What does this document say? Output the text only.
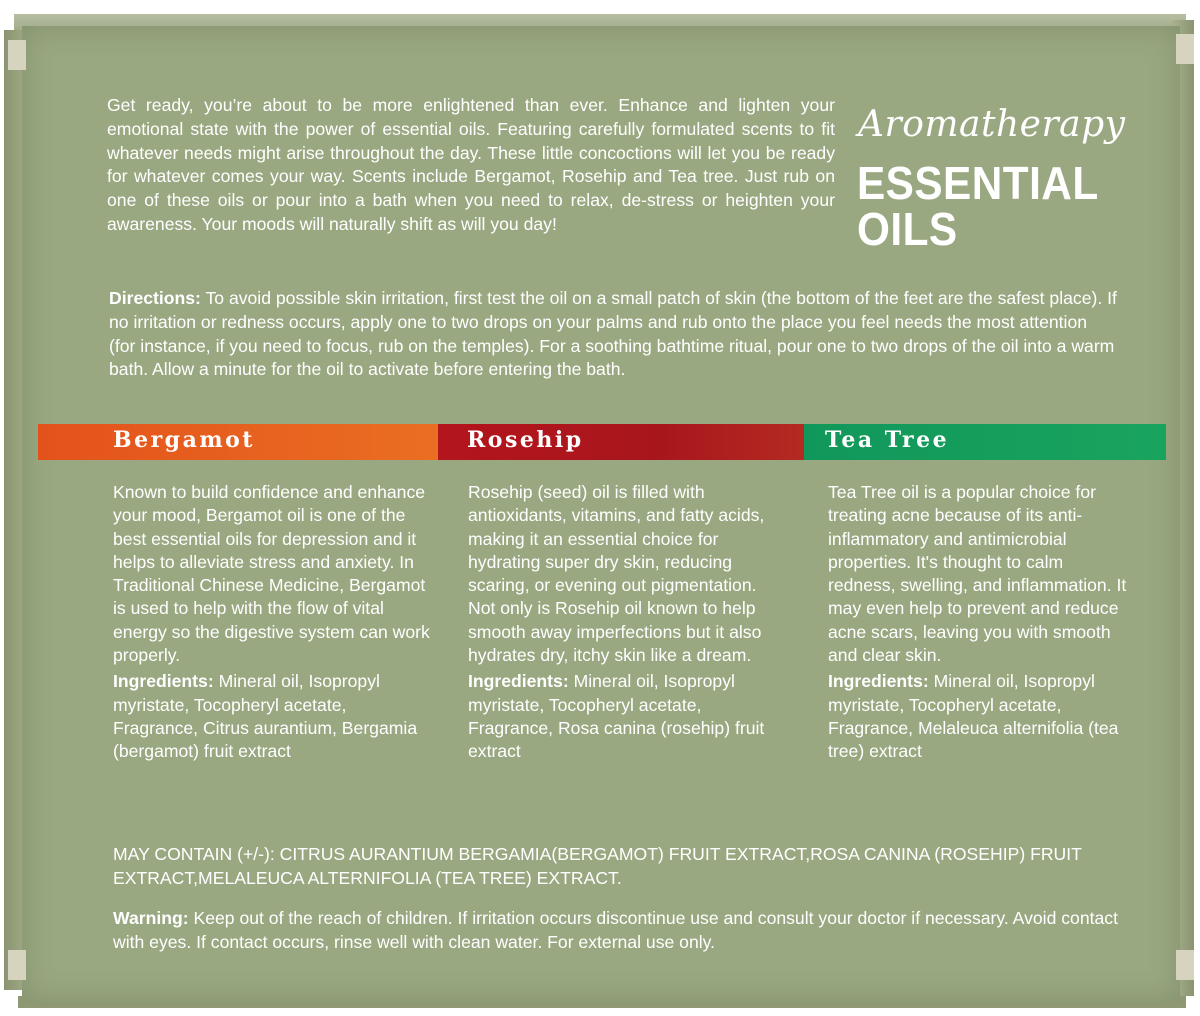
Get ready, you’re about to be more enlightened than ever. Enhance and lighten your emotional state with the power of essential oils. Featuring carefully formulated scents to fit whatever needs might arise throughout the day. These little concoctions will let you be ready for whatever comes your way. Scents include Bergamot, Rosehip and Tea tree. Just rub on one of these oils or pour into a bath when you need to relax, de-stress or heighten your awareness. Your moods will naturally shift as will you day!
Aromatherapy
ESSENTIAL
OILS
Directions: To avoid possible skin irritation, first test the oil on a small patch of skin (the bottom of the feet are the safest place). If no irritation or redness occurs, apply one to two drops on your palms and rub onto the place you feel needs the most attention (for instance, if you need to focus, rub on the temples). For a soothing bathtime ritual, pour one to two drops of the oil into a warm bath. Allow a minute for the oil to activate before entering the bath.
Bergamot	Rosehip	Tea Tree
Known to build confidence and enhance your mood, Bergamot oil is one of the best essential oils for depression and it helps to alleviate stress and anxiety. In Traditional Chinese Medicine, Bergamot is used to help with the flow of vital energy so the digestive system can work properly.
Ingredients: Mineral oil, Isopropyl myristate, Tocopheryl acetate, Fragrance, Citrus aurantium, Bergamia (bergamot) fruit extract
Rosehip (seed) oil is filled with antioxidants, vitamins, and fatty acids, making it an essential choice for hydrating super dry skin, reducing scaring, or evening out pigmentation. Not only is Rosehip oil known to help smooth away imperfections but it also hydrates dry, itchy skin like a dream.
Ingredients: Mineral oil, Isopropyl myristate, Tocopheryl acetate, Fragrance, Rosa canina (rosehip) fruit extract
Tea Tree oil is a popular choice for treating acne because of its anti-inflammatory and antimicrobial properties. It's thought to calm redness, swelling, and inflammation. It may even help to prevent and reduce acne scars, leaving you with smooth and clear skin.
Ingredients: Mineral oil, Isopropyl myristate, Tocopheryl acetate, Fragrance, Melaleuca alternifolia (tea tree) extract
MAY CONTAIN (+/-): CITRUS AURANTIUM BERGAMIA(BERGAMOT) FRUIT EXTRACT,ROSA CANINA (ROSEHIP) FRUIT EXTRACT,MELALEUCA ALTERNIFOLIA (TEA TREE) EXTRACT.
Warning: Keep out of the reach of children. If irritation occurs discontinue use and consult your doctor if necessary. Avoid contact with eyes. If contact occurs, rinse well with clean water. For external use only.
